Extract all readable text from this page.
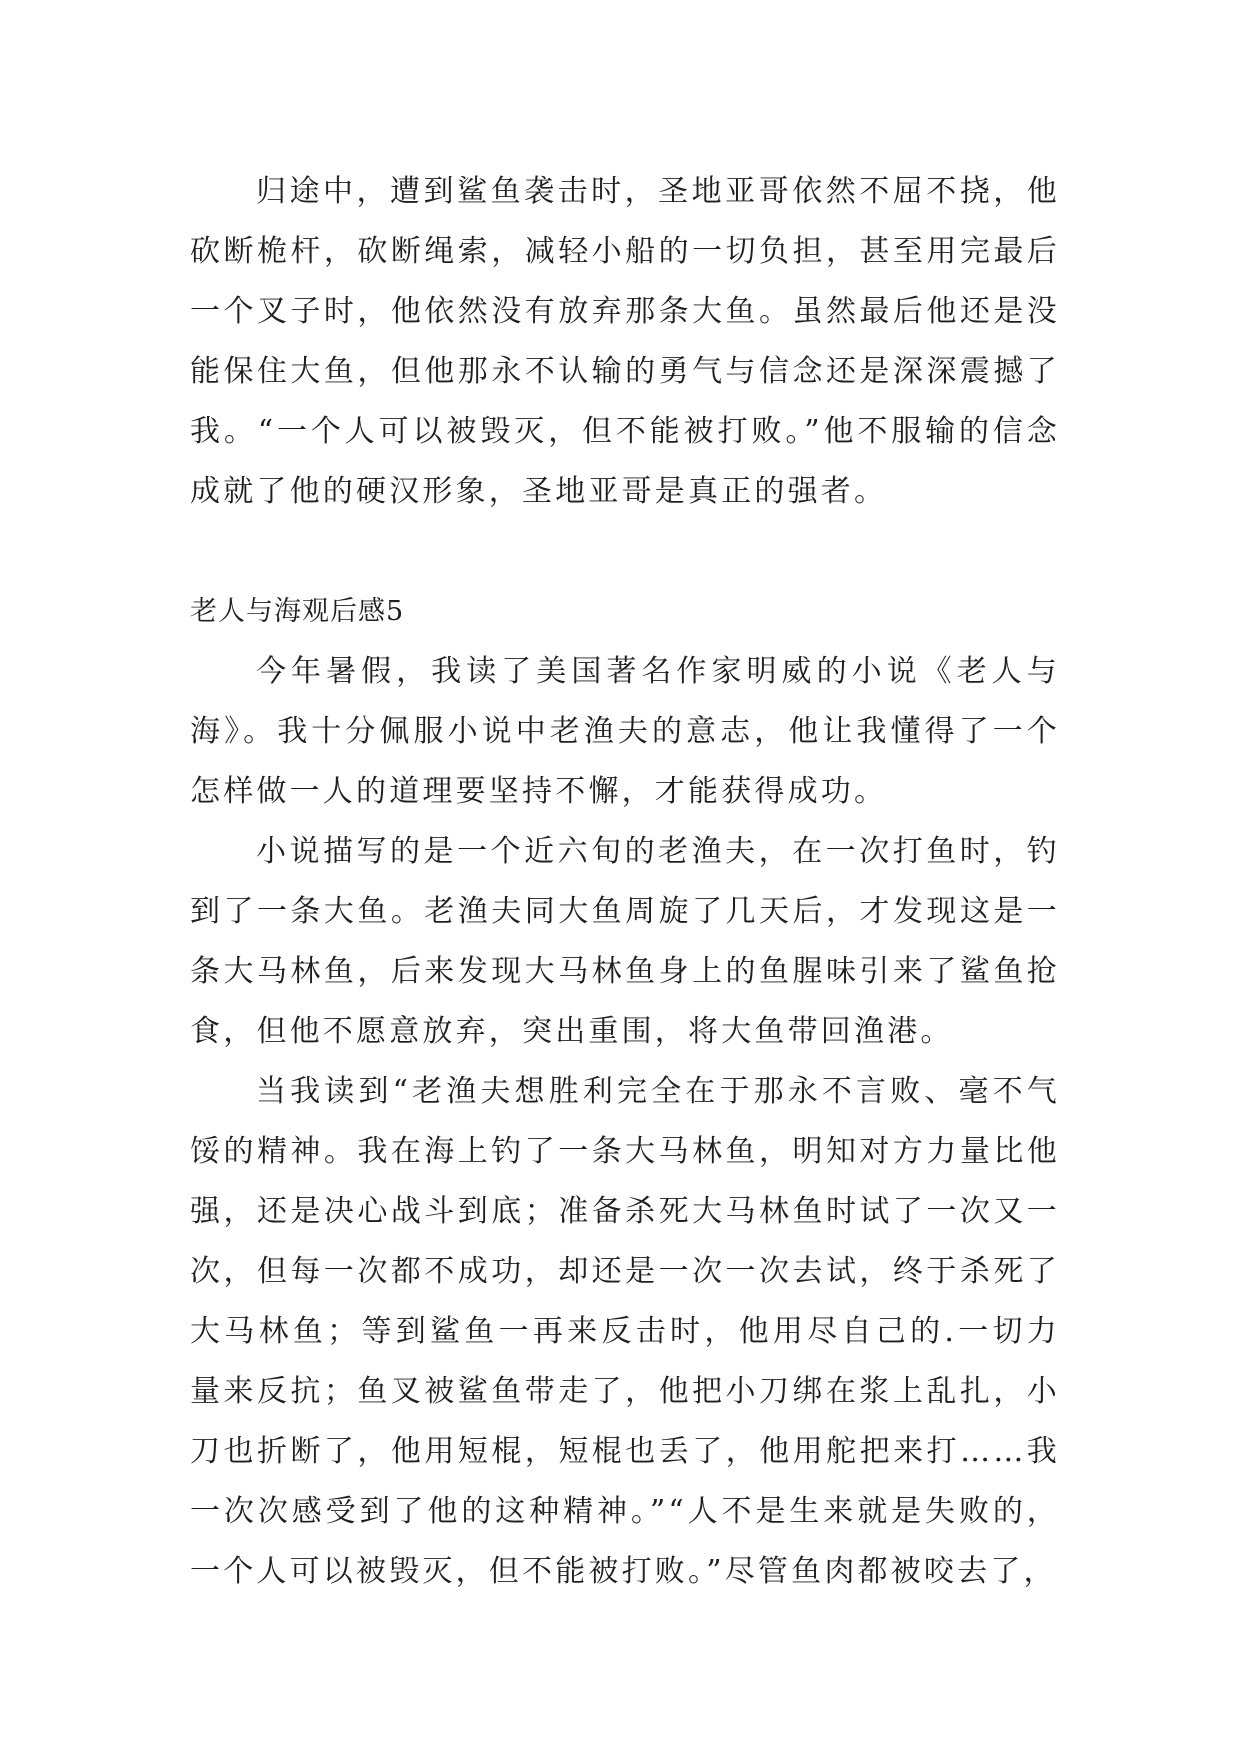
归途中，遭到鲨鱼袭击时，圣地亚哥依然不屈不挠，他砍断桅杆，砍断绳索，减轻小船的一切负担，甚至用完最后一个叉子时，他依然没有放弃那条大鱼。虽然最后他还是没能保住大鱼，但他那永不认输的勇气与信念还是深深震撼了我。“一个人可以被毁灭，但不能被打败。”他不服输的信念成就了他的硬汉形象，圣地亚哥是真正的强者。

老人与海观后感5

今年暑假，我读了美国著名作家明威的小说《老人与海》。我十分佩服小说中老渔夫的意志，他让我懂得了一个怎样做一人的道理要坚持不懈，才能获得成功。

小说描写的是一个近六旬的老渔夫，在一次打鱼时，钓到了一条大鱼。老渔夫同大鱼周旋了几天后，才发现这是一条大马林鱼，后来发现大马林鱼身上的鱼腥味引来了鲨鱼抢食，但他不愿意放弃，突出重围，将大鱼带回渔港。

当我读到“老渔夫想胜利完全在于那永不言败、毫不气馁的精神。我在海上钓了一条大马林鱼，明知对方力量比他强，还是决心战斗到底；准备杀死大马林鱼时试了一次又一次，但每一次都不成功，却还是一次一次去试，终于杀死了大马林鱼；等到鲨鱼一再来反击时，他用尽自己的.一切力量来反抗；鱼叉被鲨鱼带走了，他把小刀绑在浆上乱扎，小刀也折断了，他用短棍，短棍也丢了，他用舵把来打……我一次次感受到了他的这种精神。”“人不是生来就是失败的，一个人可以被毁灭，但不能被打败。”尽管鱼肉都被咬去了，
